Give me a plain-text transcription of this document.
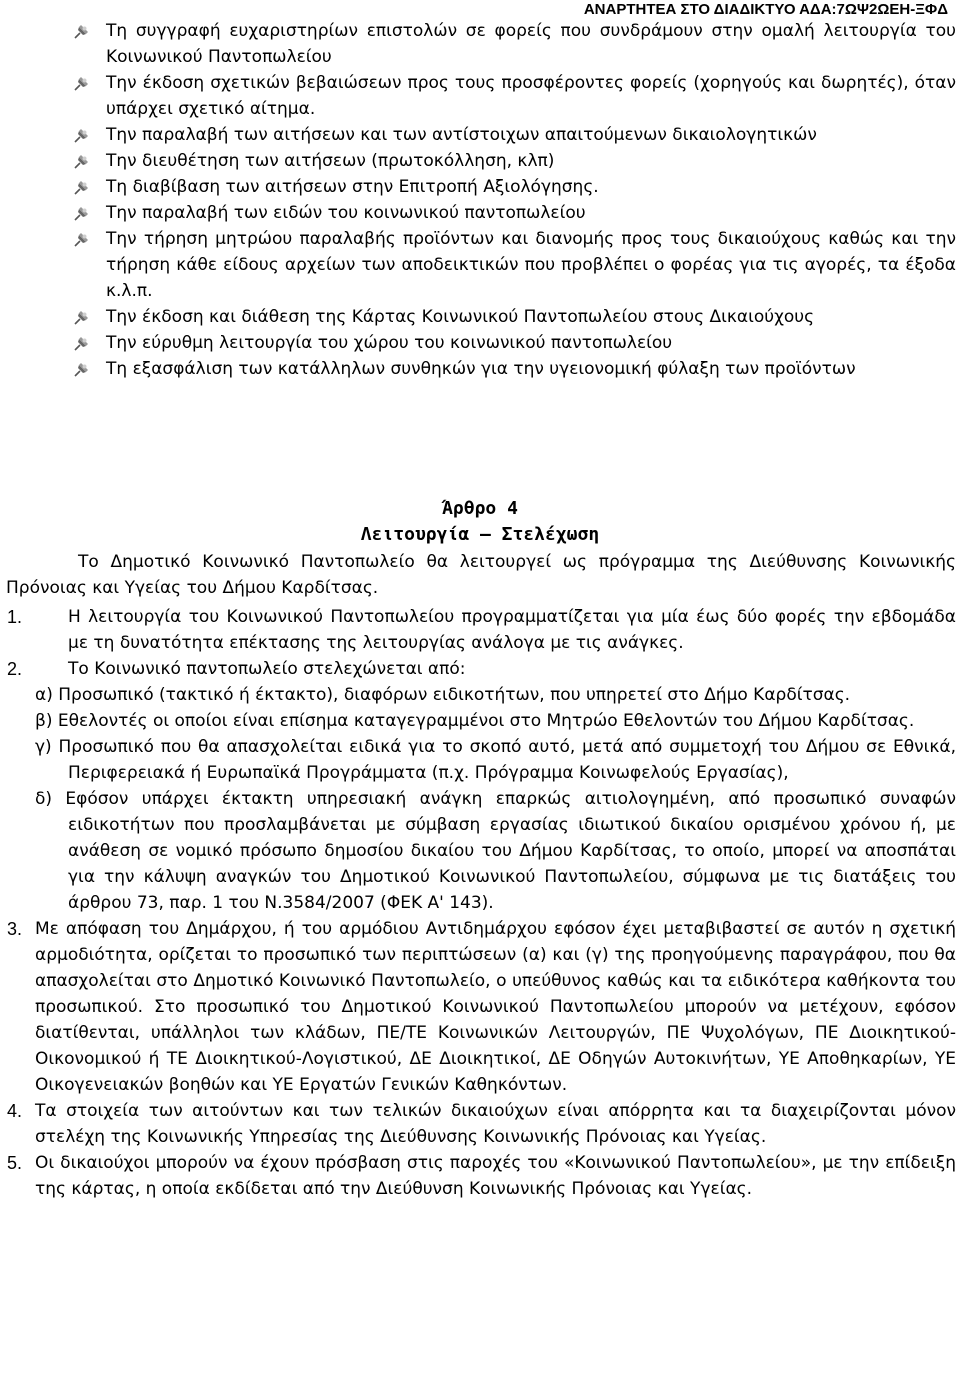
ΑΝΑΡΤΗΤΕΑ ΣΤΟ ΔΙΑΔΙΚΤΥΟ ΑΔΑ:7ΩΨ2ΩΕΗ-ΞΦΔ
Τη συγγραφή ευχαριστηρίων επιστολών σε φορείς που συνδράμουν στην ομαλή λειτουργία του Κοινωνικού Παντοπωλείου
Την έκδοση σχετικών βεβαιώσεων προς τους προσφέροντες φορείς (χορηγούς και δωρητές), όταν υπάρχει σχετικό αίτημα.
Την παραλαβή των αιτήσεων και των αντίστοιχων απαιτούμενων δικαιολογητικών
Την διευθέτηση των αιτήσεων (πρωτοκόλληση, κλπ)
Τη διαβίβαση των αιτήσεων στην Επιτροπή Αξιολόγησης.
Την παραλαβή των ειδών του κοινωνικού παντοπωλείου
Την τήρηση μητρώου παραλαβής προϊόντων και διανομής προς τους δικαιούχους καθώς και την τήρηση κάθε είδους αρχείων των αποδεικτικών που προβλέπει ο φορέας για τις αγορές, τα έξοδα κ.λ.π.
Την έκδοση και διάθεση της Κάρτας Κοινωνικού Παντοπωλείου στους Δικαιούχους
Την εύρυθμη λειτουργία του χώρου του κοινωνικού παντοπωλείου
Τη εξασφάλιση των κατάλληλων συνθηκών για την υγειονομική φύλαξη των προϊόντων
Άρθρο 4
Λειτουργία – Στελέχωση
Το Δημοτικό Κοινωνικό Παντοπωλείο θα λειτουργεί ως πρόγραμμα της Διεύθυνσης Κοινωνικής Πρόνοιας και Υγείας του Δήμου Καρδίτσας.
1.	Η λειτουργία του Κοινωνικού Παντοπωλείου προγραμματίζεται για μία έως δύο φορές την εβδομάδα με τη δυνατότητα επέκτασης της λειτουργίας ανάλογα με τις ανάγκες.
2.	Το Κοινωνικό παντοπωλείο στελεχώνεται από:
α) Προσωπικό (τακτικό ή έκτακτο), διαφόρων ειδικοτήτων, που υπηρετεί στο Δήμο Καρδίτσας.
β) Εθελοντές οι οποίοι είναι επίσημα καταγεγραμμένοι στο Μητρώο Εθελοντών του Δήμου Καρδίτσας.
γ) Προσωπικό που θα απασχολείται ειδικά για το σκοπό αυτό, μετά από συμμετοχή του Δήμου σε Εθνικά, Περιφερειακά ή Ευρωπαϊκά Προγράμματα (π.χ. Πρόγραμμα Κοινωφελούς Εργασίας),
δ) Εφόσον υπάρχει έκτακτη υπηρεσιακή ανάγκη επαρκώς αιτιολογημένη, από προσωπικό συναφών ειδικοτήτων που προσλαμβάνεται με σύμβαση εργασίας ιδιωτικού δικαίου ορισμένου χρόνου ή, με ανάθεση σε νομικό πρόσωπο δημοσίου δικαίου του Δήμου Καρδίτσας, το οποίο, μπορεί να αποσπάται για την κάλυψη αναγκών του Δημοτικού Κοινωνικού Παντοπωλείου, σύμφωνα με τις διατάξεις του άρθρου 73, παρ. 1 του Ν.3584/2007 (ΦΕΚ Α' 143).
3. Με απόφαση του Δημάρχου, ή του αρμόδιου Αντιδημάρχου εφόσον έχει μεταβιβαστεί σε αυτόν η σχετική αρμοδιότητα, ορίζεται το προσωπικό των περιπτώσεων (α) και (γ) της προηγούμενης παραγράφου, που θα απασχολείται στο Δημοτικό Κοινωνικό Παντοπωλείο, ο υπεύθυνος καθώς και τα ειδικότερα καθήκοντα του προσωπικού. Στο προσωπικό του Δημοτικού Κοινωνικού Παντοπωλείου μπορούν να μετέχουν, εφόσον διατίθενται, υπάλληλοι των κλάδων, ΠΕ/ΤΕ Κοινωνικών Λειτουργών, ΠΕ Ψυχολόγων, ΠΕ Διοικητικού-Οικονομικού ή ΤΕ Διοικητικού-Λογιστικού, ΔΕ Διοικητικοί, ΔΕ Οδηγών Αυτοκινήτων, ΥΕ Αποθηκαρίων, ΥΕ Οικογενειακών βοηθών και ΥΕ Εργατών Γενικών Καθηκόντων.
4. Τα στοιχεία των αιτούντων και των τελικών δικαιούχων είναι απόρρητα και τα διαχειρίζονται μόνον στελέχη της Κοινωνικής Υπηρεσίας της Διεύθυνσης Κοινωνικής Πρόνοιας και Υγείας.
5. Οι δικαιούχοι μπορούν να έχουν πρόσβαση στις παροχές του «Κοινωνικού Παντοπωλείου», με την επίδειξη της κάρτας, η οποία εκδίδεται από την Διεύθυνση Κοινωνικής Πρόνοιας και Υγείας.
